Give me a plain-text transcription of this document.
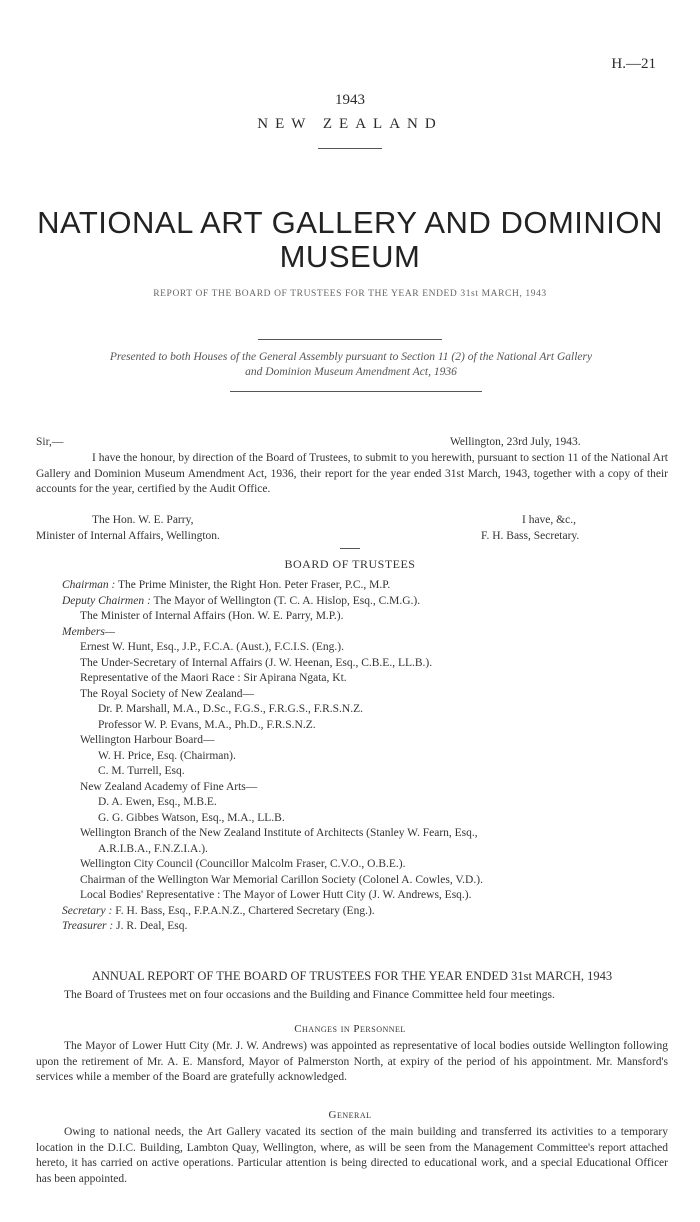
H.—21
1943
NEW ZEALAND
NATIONAL ART GALLERY AND DOMINION
MUSEUM
REPORT OF THE BOARD OF TRUSTEES FOR THE YEAR ENDED 31st MARCH, 1943
Presented to both Houses of the General Assembly pursuant to Section 11 (2) of the National Art Gallery
and Dominion Museum Amendment Act, 1936
Sir,—	Wellington, 23rd July, 1943.
I have the honour, by direction of the Board of Trustees, to submit to you herewith, pursuant to section 11 of the National Art Gallery and Dominion Museum Amendment Act, 1936, their report for the year ended 31st March, 1943, together with a copy of their accounts for the year, certified by the Audit Office.
The Hon. W. E. Parry,	I have, &c.,
Minister of Internal Affairs, Wellington.	F. H. Bass, Secretary.
BOARD OF TRUSTEES
Chairman : The Prime Minister, the Right Hon. Peter Fraser, P.C., M.P.
Deputy Chairmen : The Mayor of Wellington (T. C. A. Hislop, Esq., C.M.G.).
The Minister of Internal Affairs (Hon. W. E. Parry, M.P.).
Members—
Ernest W. Hunt, Esq., J.P., F.C.A. (Aust.), F.C.I.S. (Eng.).
The Under-Secretary of Internal Affairs (J. W. Heenan, Esq., C.B.E., LL.B.).
Representative of the Maori Race : Sir Apirana Ngata, Kt.
The Royal Society of New Zealand—
Dr. P. Marshall, M.A., D.Sc., F.G.S., F.R.G.S., F.R.S.N.Z.
Professor W. P. Evans, M.A., Ph.D., F.R.S.N.Z.
Wellington Harbour Board—
W. H. Price, Esq. (Chairman).
C. M. Turrell, Esq.
New Zealand Academy of Fine Arts—
D. A. Ewen, Esq., M.B.E.
G. G. Gibbes Watson, Esq., M.A., LL.B.
Wellington Branch of the New Zealand Institute of Architects (Stanley W. Fearn, Esq.,
A.R.I.B.A., F.N.Z.I.A.).
Wellington City Council (Councillor Malcolm Fraser, C.V.O., O.B.E.).
Chairman of the Wellington War Memorial Carillon Society (Colonel A. Cowles, V.D.).
Local Bodies' Representative : The Mayor of Lower Hutt City (J. W. Andrews, Esq.).
Secretary : F. H. Bass, Esq., F.P.A.N.Z., Chartered Secretary (Eng.).
Treasurer : J. R. Deal, Esq.
ANNUAL REPORT OF THE BOARD OF TRUSTEES FOR THE YEAR ENDED 31st MARCH, 1943
The Board of Trustees met on four occasions and the Building and Finance Committee held four meetings.
Changes in Personnel
The Mayor of Lower Hutt City (Mr. J. W. Andrews) was appointed as representative of local bodies outside Wellington following upon the retirement of Mr. A. E. Mansford, Mayor of Palmerston North, at expiry of the period of his appointment. Mr. Mansford's services while a member of the Board are gratefully acknowledged.
General
Owing to national needs, the Art Gallery vacated its section of the main building and transferred its activities to a temporary location in the D.I.C. Building, Lambton Quay, Wellington, where, as will be seen from the Management Committee's report attached hereto, it has carried on active operations. Particular attention is being directed to educational work, and a special Educational Officer has been appointed.
